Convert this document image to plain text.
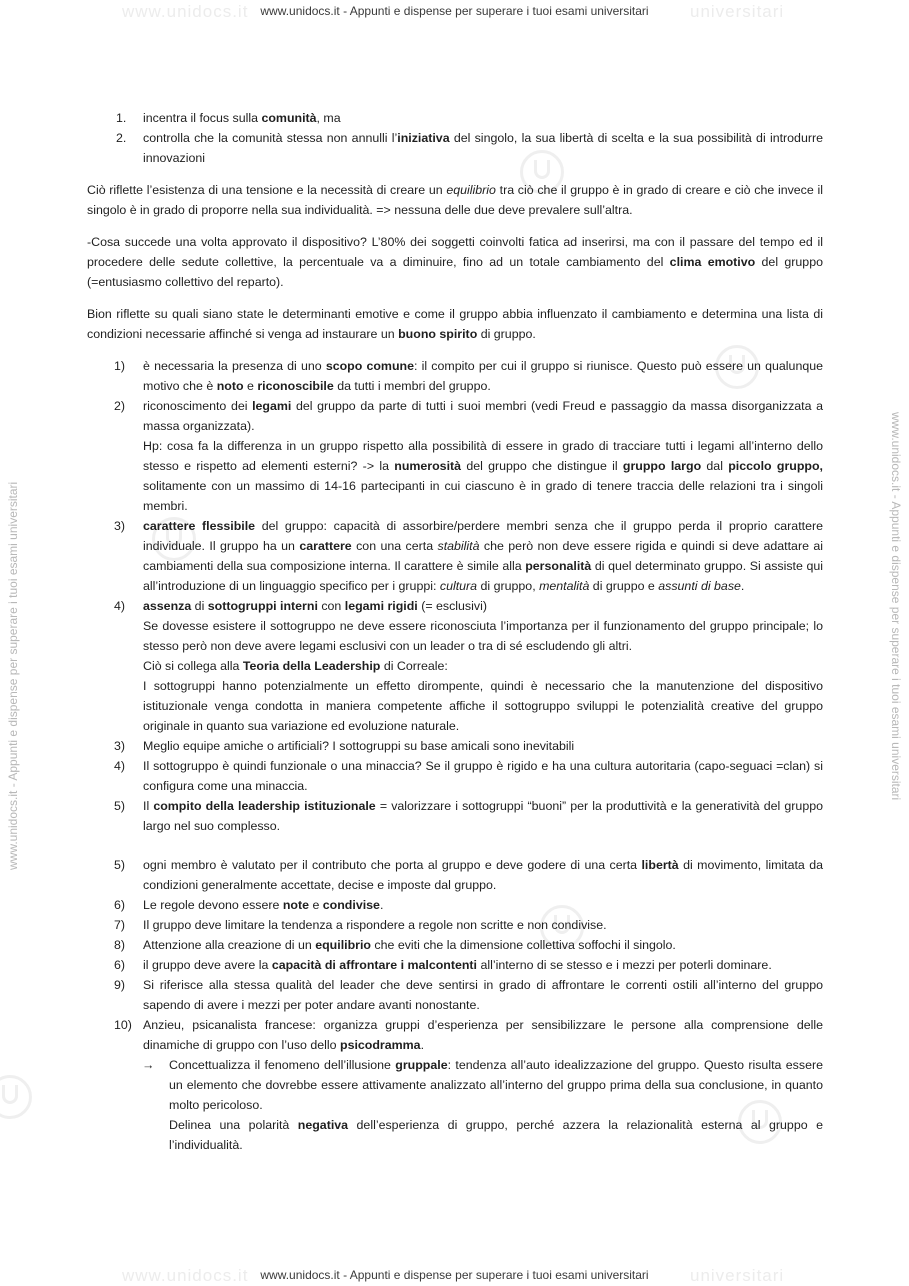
www.unidocs.it	universitari
www.unidocs.it - Appunti e dispense per superare i tuoi esami universitari
www.unidocs.it	universitari
www.unidocs.it - Appunti e dispense per superare i tuoi esami universitari
www.unidocs.it - Appunti e dispense per superare i tuoi esami universitari	www.unidocs.it - Appunti e dispense per superare i tuoi esami universitari
1. incentra il focus sulla comunità, ma
2. controlla che la comunità stessa non annulli l’iniziativa del singolo, la sua libertà di scelta e la sua possibilità di introdurre innovazioni

Ciò riflette l’esistenza di una tensione e la necessità di creare un equilibrio tra ciò che il gruppo è in grado di creare e ciò che invece il singolo è in grado di proporre nella sua individualità. => nessuna delle due deve prevalere sull’altra.

-Cosa succede una volta approvato il dispositivo? L’80% dei soggetti coinvolti fatica ad inserirsi, ma con il passare del tempo ed il procedere delle sedute collettive, la percentuale va a diminuire, fino ad un totale cambiamento del clima emotivo del gruppo (=entusiasmo collettivo del reparto).

Bion riflette su quali siano state le determinanti emotive e come il gruppo abbia influenzato il cambiamento e determina una lista di condizioni necessarie affinché si venga ad instaurare un buono spirito di gruppo.

1) è necessaria la presenza di uno scopo comune: il compito per cui il gruppo si riunisce. Questo può essere un qualunque motivo che è noto e riconoscibile da tutti i membri del gruppo.
2) riconoscimento dei legami del gruppo da parte di tutti i suoi membri (vedi Freud e passaggio da massa disorganizzata a massa organizzata).
Hp: cosa fa la differenza in un gruppo rispetto alla possibilità di essere in grado di tracciare tutti i legami all’interno dello stesso e rispetto ad elementi esterni? -> la numerosità del gruppo che distingue il gruppo largo dal piccolo gruppo, solitamente con un massimo di 14-16 partecipanti in cui ciascuno è in grado di tenere traccia delle relazioni tra i singoli membri.
3) carattere flessibile del gruppo: capacità di assorbire/perdere membri senza che il gruppo perda il proprio carattere individuale. Il gruppo ha un carattere con una certa stabilità che però non deve essere rigida e quindi si deve adattare ai cambiamenti della sua composizione interna. Il carattere è simile alla personalità di quel determinato gruppo. Si assiste qui all’introduzione di un linguaggio specifico per i gruppi: cultura di gruppo, mentalità di gruppo e assunti di base.
4) assenza di sottogruppi interni con legami rigidi (= esclusivi)
Se dovesse esistere il sottogruppo ne deve essere riconosciuta l’importanza per il funzionamento del gruppo principale; lo stesso però non deve avere legami esclusivi con un leader o tra di sé escludendo gli altri.
Ciò si collega alla Teoria della Leadership di Correale:
I sottogruppi hanno potenzialmente un effetto dirompente, quindi è necessario che la manutenzione del dispositivo istituzionale venga condotta in maniera competente affiche il sottogruppo sviluppi le potenzialità creative del gruppo originale in quanto sua variazione ed evoluzione naturale.
3) Meglio equipe amiche o artificiali? I sottogruppi su base amicali sono inevitabili
4) Il sottogruppo è quindi funzionale o una minaccia? Se il gruppo è rigido e ha una cultura autoritaria (capo-seguaci =clan) si configura come una minaccia.
5) Il compito della leadership istituzionale = valorizzare i sottogruppi “buoni” per la produttività e la generatività del gruppo largo nel suo complesso.
5) ogni membro è valutato per il contributo che porta al gruppo e deve godere di una certa libertà di movimento, limitata da condizioni generalmente accettate, decise e imposte dal gruppo.
6) Le regole devono essere note e condivise.
7) Il gruppo deve limitare la tendenza a rispondere a regole non scritte e non condivise.
8) Attenzione alla creazione di un equilibrio che eviti che la dimensione collettiva soffochi il singolo.
6) il gruppo deve avere la capacità di affrontare i malcontenti all’interno di se stesso e i mezzi per poterli dominare.
9) Si riferisce alla stessa qualità del leader che deve sentirsi in grado di affrontare le correnti ostili all’interno del gruppo sapendo di avere i mezzi per poter andare avanti nonostante.
10) Anzieu, psicanalista francese: organizza gruppi d’esperienza per sensibilizzare le persone alla comprensione delle dinamiche di gruppo con l’uso dello psicodramma.
→ Concettualizza il fenomeno dell’illusione gruppale: tendenza all’auto idealizzazione del gruppo. Questo risulta essere un elemento che dovrebbe essere attivamente analizzato all’interno del gruppo prima della sua conclusione, in quanto molto pericoloso.
Delinea una polarità negativa dell’esperienza di gruppo, perché azzera la relazionalità esterna al gruppo e l’individualità.
